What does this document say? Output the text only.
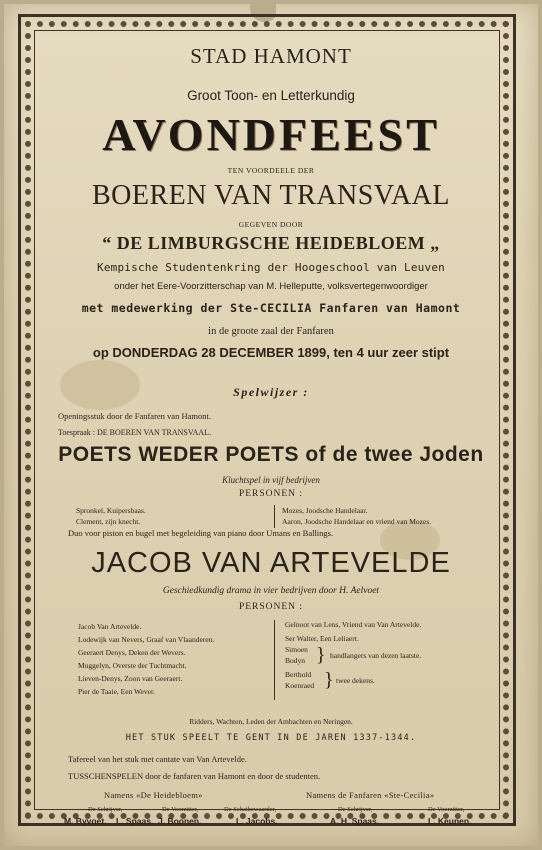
STAD HAMONT
Groot Toon- en Letterkundig
AVONDFEEST
TEN VOORDEELE DER
BOEREN VAN TRANSVAAL
GEGEVEN DOOR
“ DE LIMBURGSCHE HEIDEBLOEM „
Kempische Studentenkring der Hoogeschool van Leuven
onder het Eere-Voorzitterschap van M. Helleputte, volksvertegenwoordiger
met medewerking der Ste-CECILIA Fanfaren van Hamont
in de groote zaal der Fanfaren
op DONDERDAG 28 DECEMBER 1899, ten 4 uur zeer stipt
Spelwijzer :
Openingsstuk door de Fanfaren van Hamont.
Toespraak : DE BOEREN VAN TRANSVAAL.
POETS WEDER POETS of de twee Joden
Kluchtspel in vijf bedrijven
PERSONEN :
Spronkel, Kuipersbaas.
Clement, zijn knecht.
Mozes, Joodsche Handelaar.
Aaron, Joodsche Handelaar en vriend van Mozes.
Duo voor piston en bugel met begeleiding van piano door Umans en Ballings.
JACOB VAN ARTEVELDE
Geschiedkundig drama in vier bedrijven door H. Aelvoet
PERSONEN :
Jacob Van Artevelde.
Lodewijk van Nevers, Graaf van Vlaanderen.
Geeraert Denys, Deken der Wevers.
Muggelyn, Overste der Tuchtmacht.
Lieven-Denys, Zoon van Geeraert.
Pier de Taaie, Een Wever.
Gelnoot van Lens, Vriend van Van Artevelde.
Ser Walter, Een Leliaert.
Simoen
Bodyn } handlangers van dezen laatste.
Berthold
Koenraed } twee dekens.
Ridders, Wachten, Leden der Ambachten en Neringen.
HET STUK SPEELT TE GENT IN DE JAREN 1337-1344.
Tafereel van het stuk met cantate van Van Artevelde.
TUSSCHENSPELEN door de fanfaren van Hamont en door de studenten.
Namens «De Heidebloem»	Namens de Fanfaren «Ste-Cecilia»
De Schrijver,
M. Byvoet.
De Voorzitter,
L. Spaas. J. Boonen.
De Schatbewaarder,
L. Jacobs.
De Schrijver,
A. H. Spaas.
De Voorzitter,
L. Keunen.
